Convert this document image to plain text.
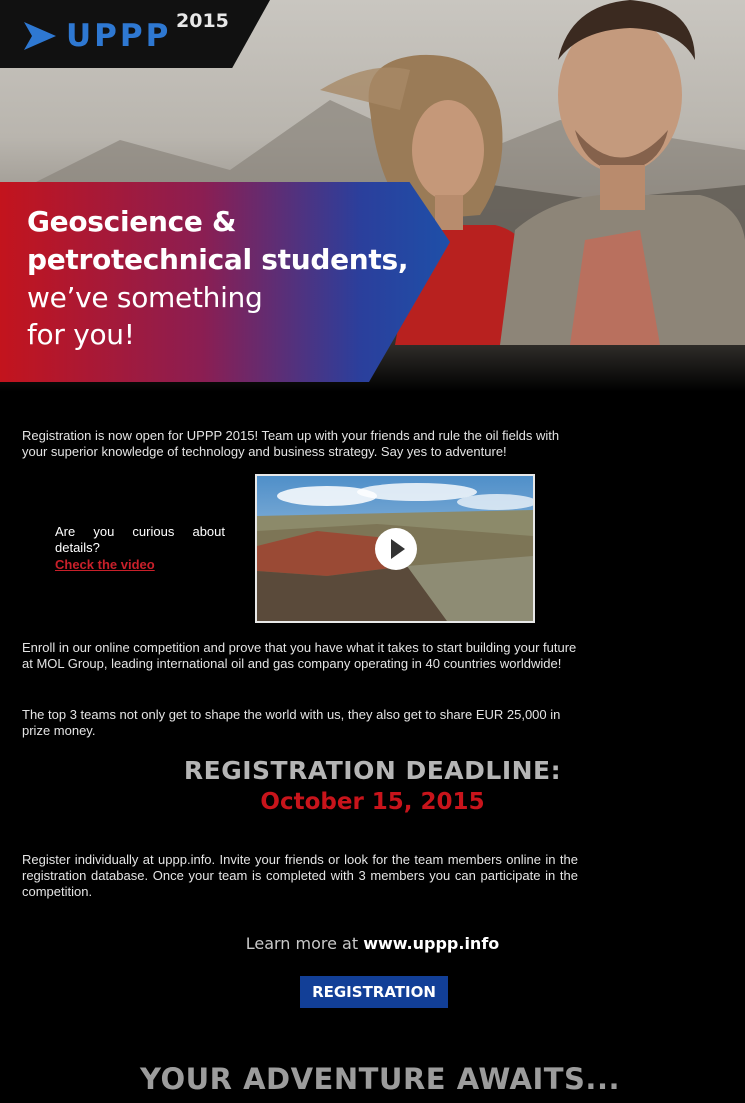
UPPP 2015
Geoscience &
petrotechnical students,
we’ve something
for you!

Registration is now open for UPPP 2015! Team up with your friends and rule the oil fields with your superior knowledge of technology and business strategy. Say yes to adventure!

Are you curious about details?

Check the video

Enroll in our online competition and prove that you have what it takes to start building your future at MOL Group, leading international oil and gas company operating in 40 countries worldwide!

The top 3 teams not only get to shape the world with us, they also get to share EUR 25,000 in prize money.

REGISTRATION DEADLINE:
October 15, 2015

Register individually at uppp.info. Invite your friends or look for the team members online in the registration database. Once your team is completed with 3 members you can participate in the competition.

Learn more at www.uppp.info
REGISTRATION
YOUR ADVENTURE AWAITS...
